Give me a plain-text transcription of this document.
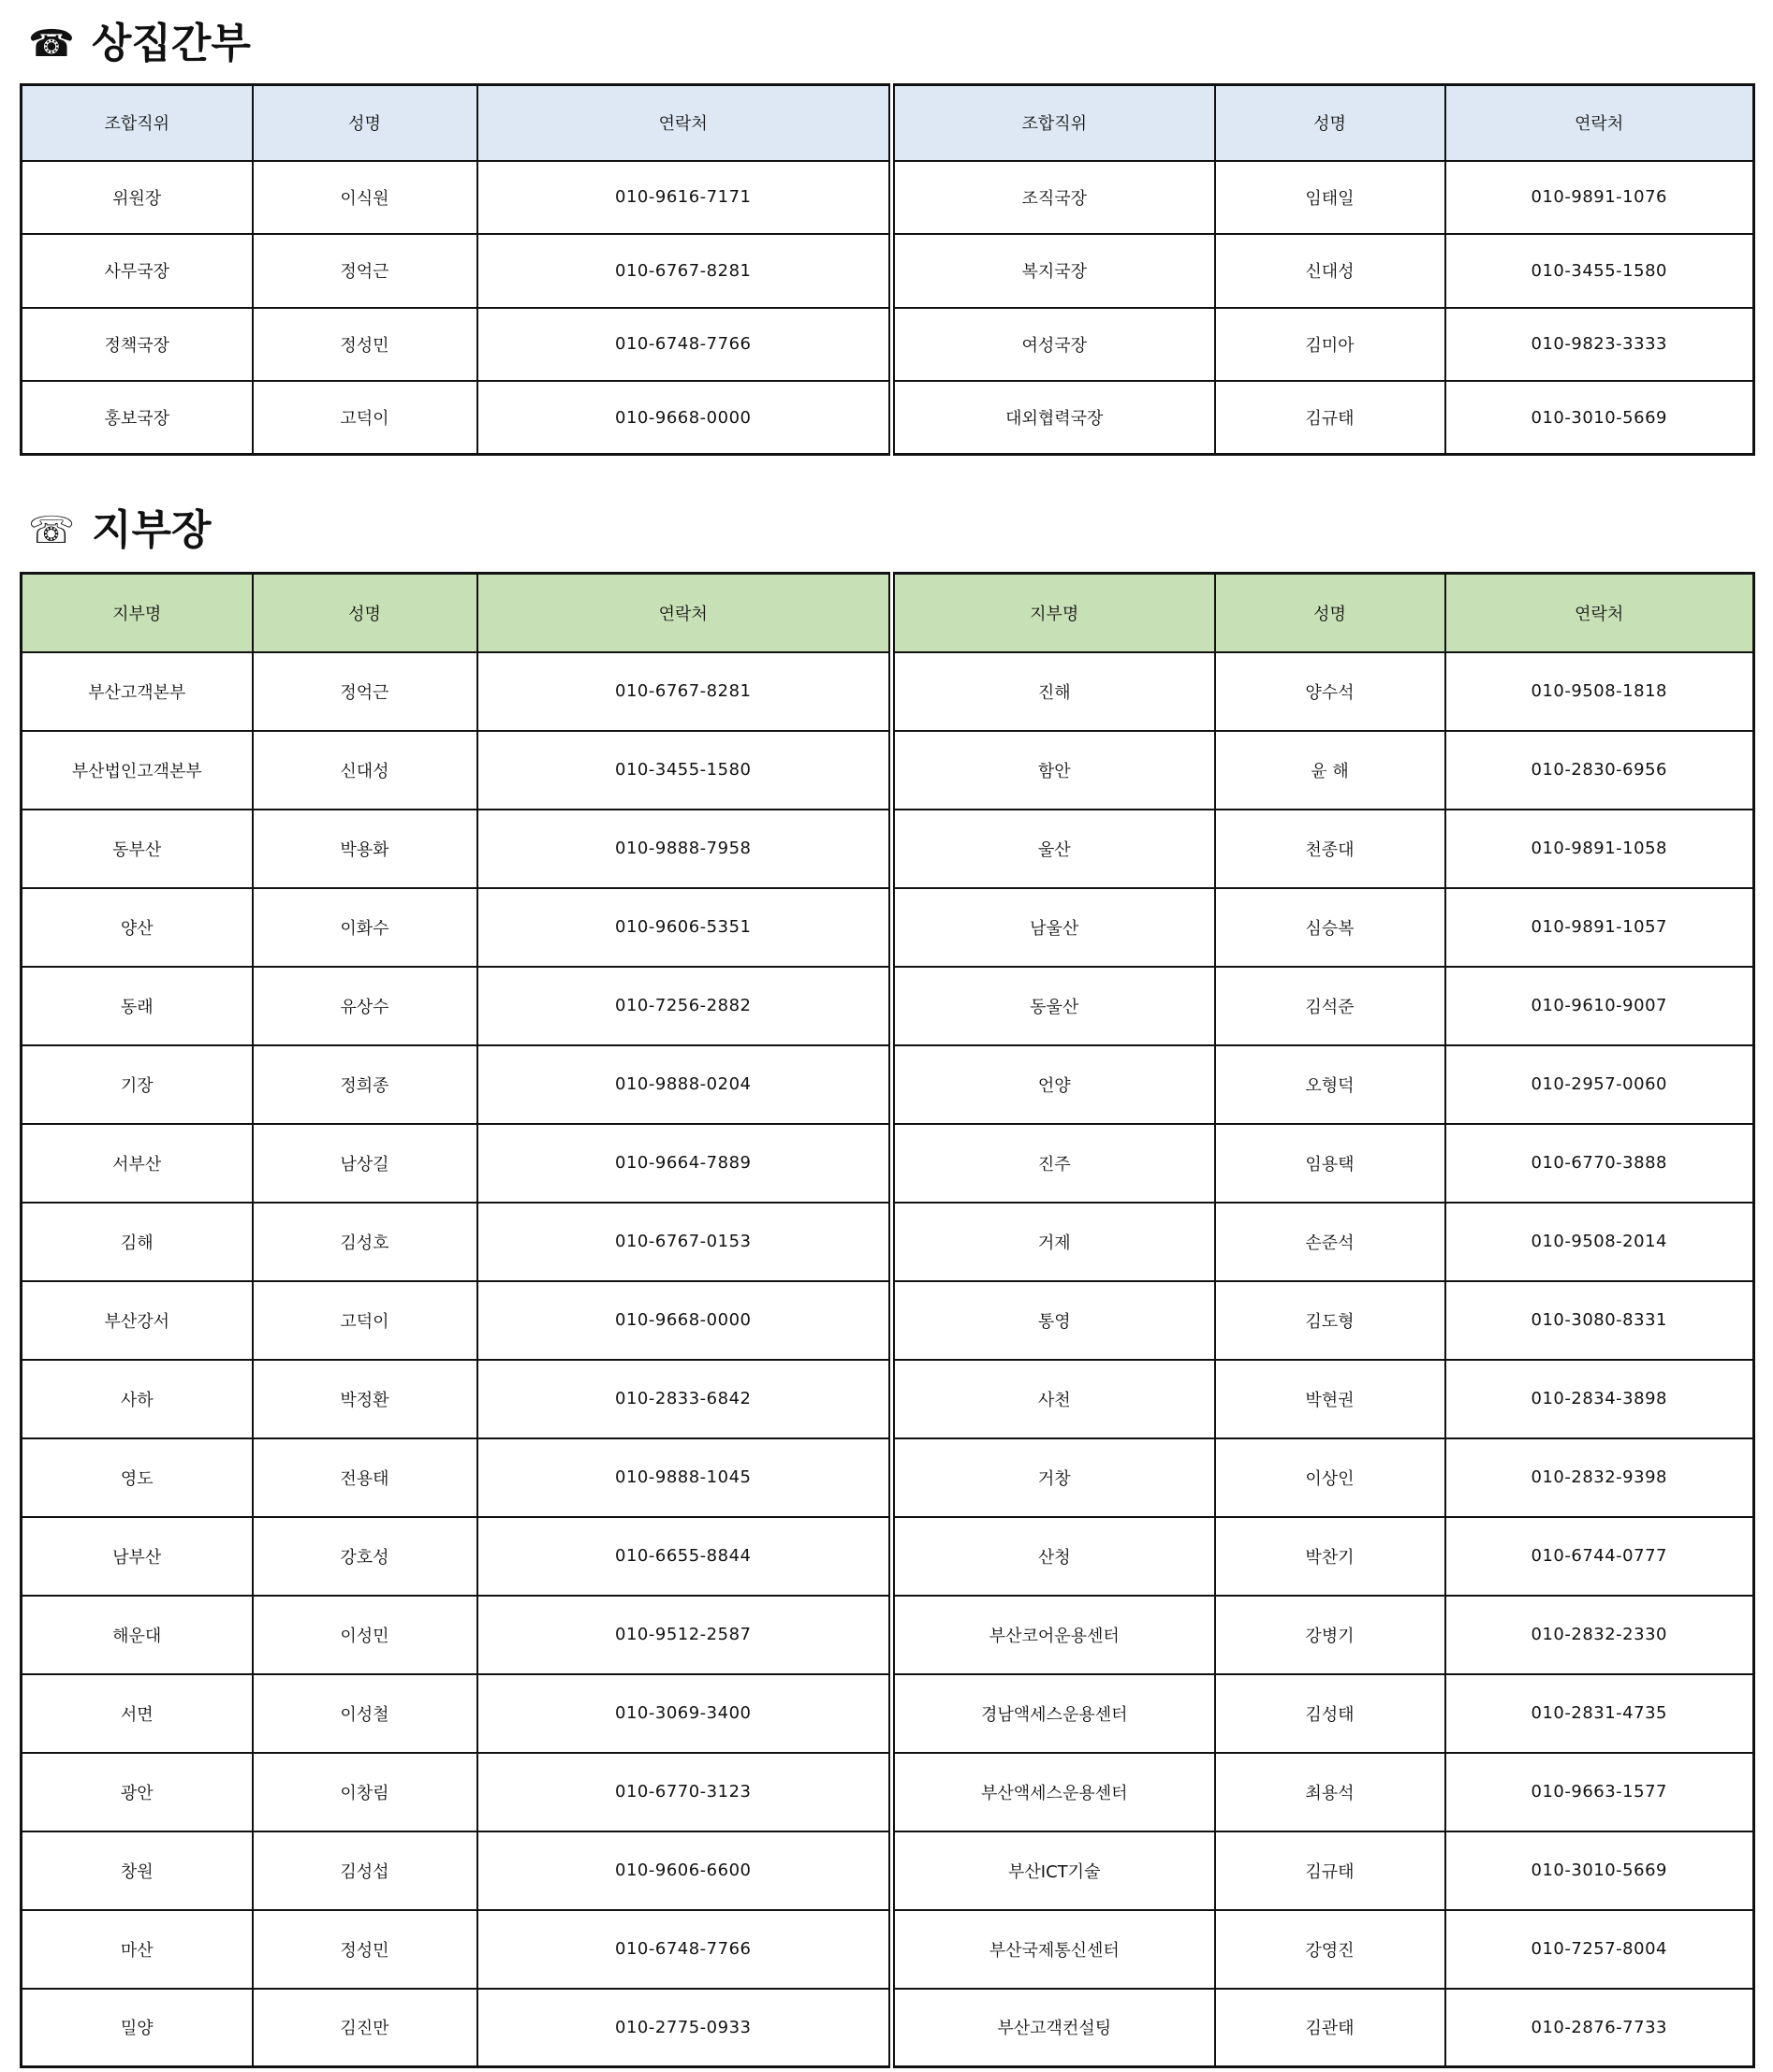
☎ 상집간부
조합직위	성명	연락처	조합직위	성명	연락처
위원장	이식원	010-9616-7171	조직국장	임태일	010-9891-1076
사무국장	정억근	010-6767-8281	복지국장	신대성	010-3455-1580
정책국장	정성민	010-6748-7766	여성국장	김미아	010-9823-3333
홍보국장	고덕이	010-9668-0000	대외협력국장	김규태	010-3010-5669
☏ 지부장
지부명	성명	연락처	지부명	성명	연락처
부산고객본부	정억근	010-6767-8281	진해	양수석	010-9508-1818
부산법인고객본부	신대성	010-3455-1580	함안	윤 해	010-2830-6956
동부산	박용화	010-9888-7958	울산	천종대	010-9891-1058
양산	이화수	010-9606-5351	남울산	심승복	010-9891-1057
동래	유상수	010-7256-2882	동울산	김석준	010-9610-9007
기장	정희종	010-9888-0204	언양	오형덕	010-2957-0060
서부산	남상길	010-9664-7889	진주	임용택	010-6770-3888
김해	김성호	010-6767-0153	거제	손준석	010-9508-2014
부산강서	고덕이	010-9668-0000	통영	김도형	010-3080-8331
사하	박정환	010-2833-6842	사천	박현권	010-2834-3898
영도	전용태	010-9888-1045	거창	이상인	010-2832-9398
남부산	강호성	010-6655-8844	산청	박찬기	010-6744-0777
해운대	이성민	010-9512-2587	부산코어운용센터	강병기	010-2832-2330
서면	이성철	010-3069-3400	경남액세스운용센터	김성태	010-2831-4735
광안	이창림	010-6770-3123	부산액세스운용센터	최용석	010-9663-1577
창원	김성섭	010-9606-6600	부산ICT기술	김규태	010-3010-5669
마산	정성민	010-6748-7766	부산국제통신센터	강영진	010-7257-8004
밀양	김진만	010-2775-0933	부산고객컨설팅	김관태	010-2876-7733
